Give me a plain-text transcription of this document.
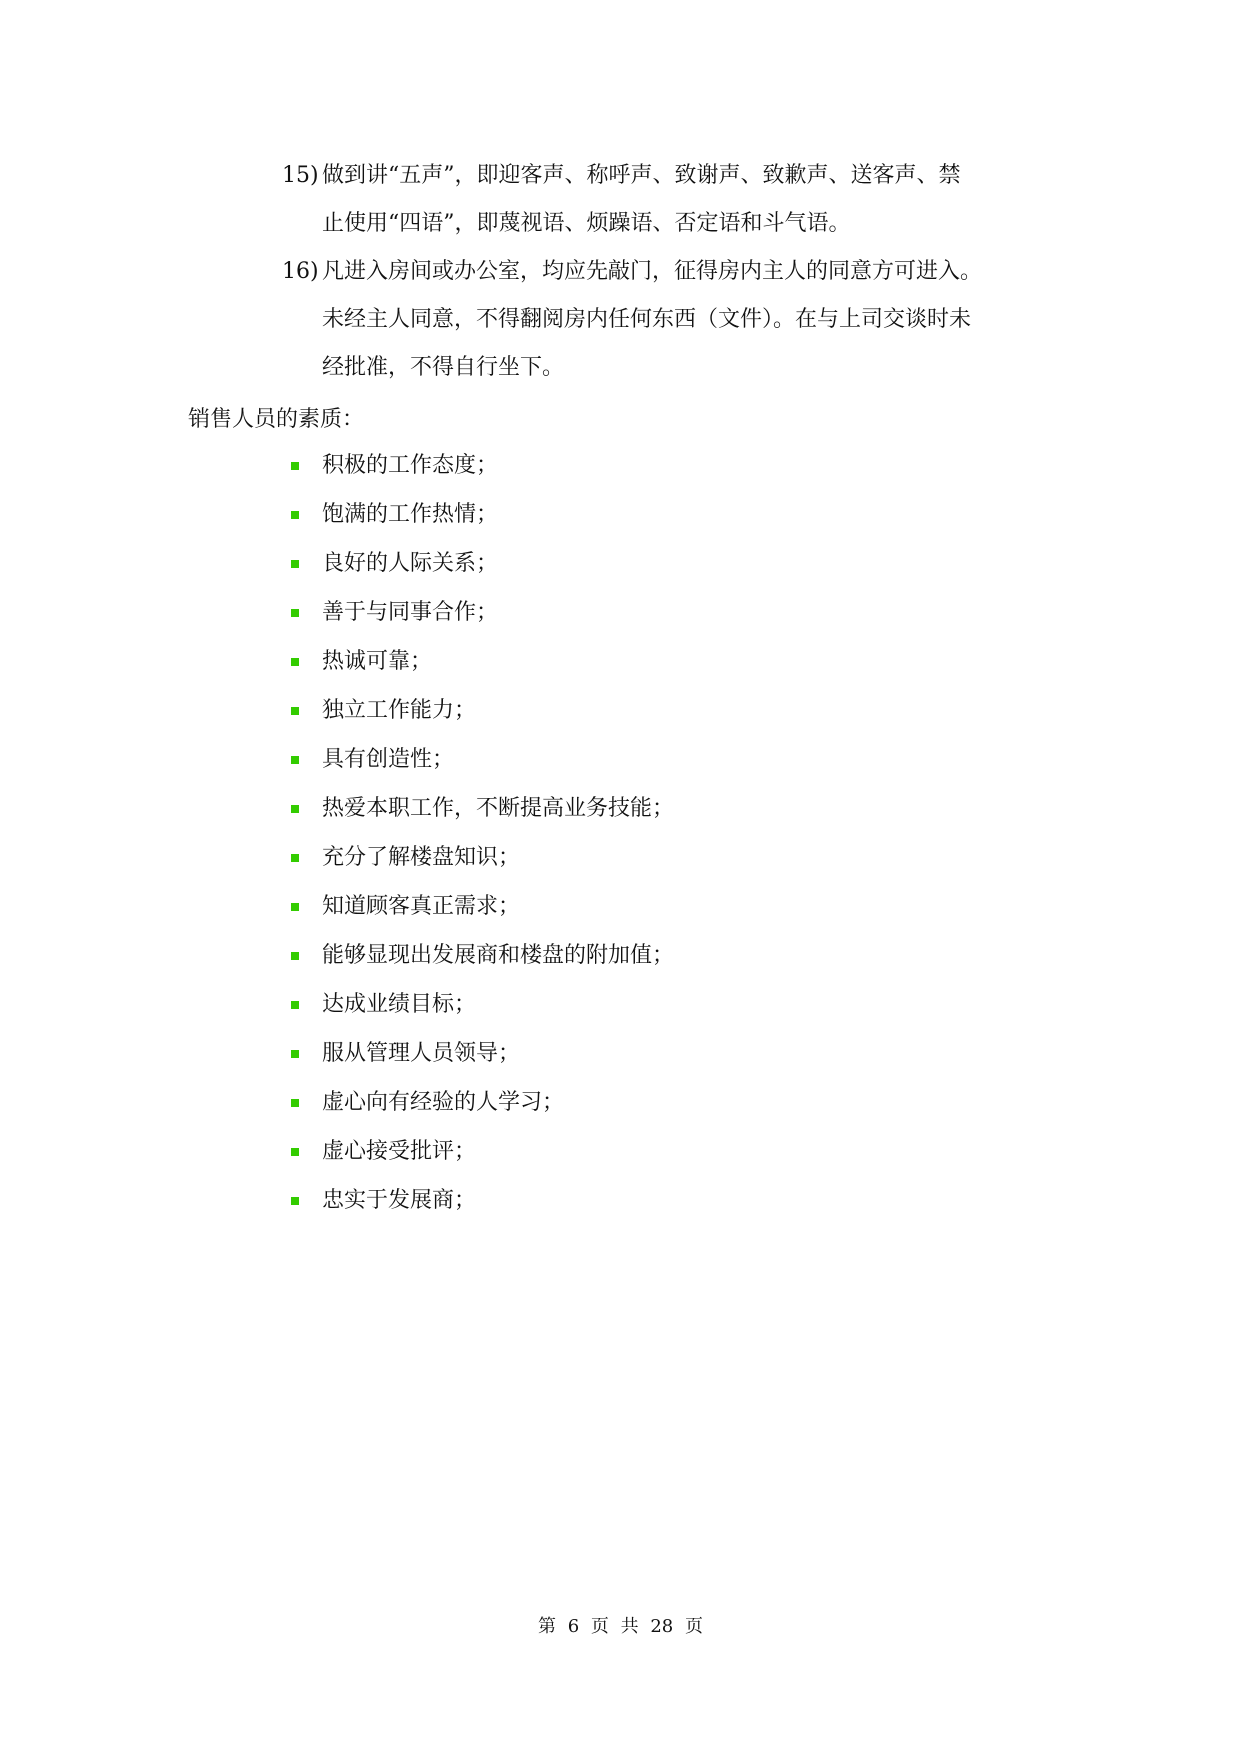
15) 做到讲“五声”，即迎客声、称呼声、致谢声、致歉声、送客声、禁
止使用“四语”，即蔑视语、烦躁语、否定语和斗气语。
16) 凡进入房间或办公室，均应先敲门，征得房内主人的同意方可进入。
未经主人同意，不得翻阅房内任何东西（文件）。在与上司交谈时未
经批准，不得自行坐下。
销售人员的素质：
积极的工作态度；
饱满的工作热情；
良好的人际关系；
善于与同事合作；
热诚可靠；
独立工作能力；
具有创造性；
热爱本职工作，不断提高业务技能；
充分了解楼盘知识；
知道顾客真正需求；
能够显现出发展商和楼盘的附加值；
达成业绩目标；
服从管理人员领导；
虚心向有经验的人学习；
虚心接受批评；
忠实于发展商；
第 6 页 共 28 页
